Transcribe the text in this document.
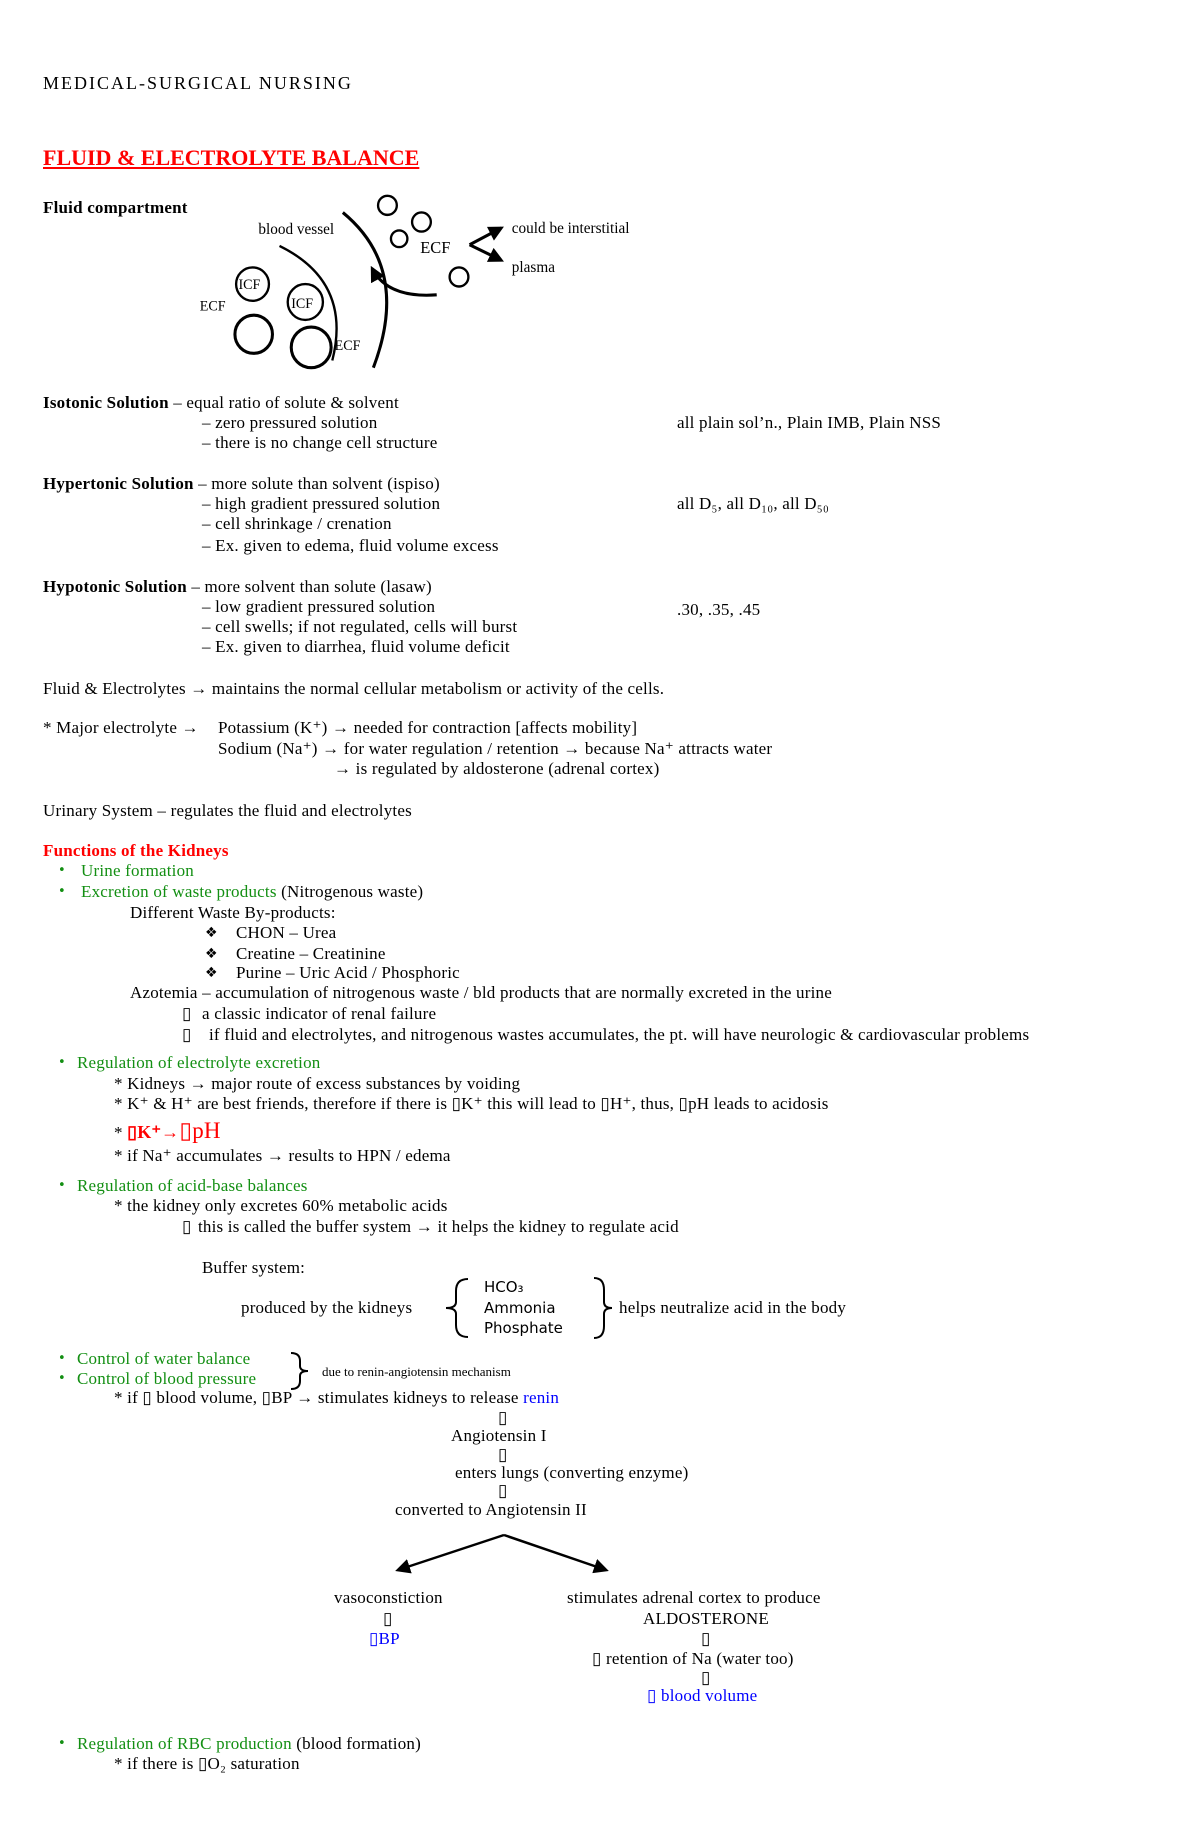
MEDICAL-SURGICAL NURSING
FLUID & ELECTROLYTE BALANCE
Fluid compartment
blood vessel
ECF
could be interstitial
plasma
ICF
ICF
ECF
ECF
Isotonic Solution – equal ratio of solute & solvent
– zero pressured solution
– there is no change cell structure
all plain sol’n., Plain IMB, Plain NSS
Hypertonic Solution – more solute than solvent (ispiso)
– high gradient pressured solution
– cell shrinkage / crenation
– Ex. given to edema, fluid volume excess
all D₅, all D₁₀, all D₅₀
Hypotonic Solution – more solvent than solute (lasaw)
– low gradient pressured solution
– cell swells; if not regulated, cells will burst
– Ex. given to diarrhea, fluid volume deficit
.30, .35, .45
Fluid & Electrolytes → maintains the normal cellular metabolism or activity of the cells.
* Major electrolyte → Potassium (K⁺) → needed for contraction [affects mobility]
Sodium (Na⁺) → for water regulation / retention → because Na⁺ attracts water
→ is regulated by aldosterone (adrenal cortex)
Urinary System – regulates the fluid and electrolytes
Functions of the Kidneys
• Urine formation
• Excretion of waste products (Nitrogenous waste)
Different Waste By-products:
❖ CHON – Urea
❖ Creatine – Creatinine
❖ Purine – Uric Acid / Phosphoric
Azotemia – accumulation of nitrogenous waste / bld products that are normally excreted in the urine
▯ a classic indicator of renal failure
▯ if fluid and electrolytes, and nitrogenous wastes accumulates, the pt. will have neurologic & cardiovascular problems
• Regulation of electrolyte excretion
* Kidneys → major route of excess substances by voiding
* K⁺ & H⁺ are best friends, therefore if there is ▯K⁺ this will lead to ▯H⁺, thus, ▯pH leads to acidosis
* ▯K⁺→▯pH
* if Na⁺ accumulates → results to HPN / edema
• Regulation of acid-base balances
* the kidney only excretes 60% metabolic acids
▯ this is called the buffer system → it helps the kidney to regulate acid
Buffer system:
produced by the kidneys
HCO₃
Ammonia
Phosphate
helps neutralize acid in the body
• Control of water balance
• Control of blood pressure	due to renin-angiotensin mechanism
* if ▯ blood volume, ▯BP → stimulates kidneys to release renin
▯
Angiotensin I
▯
enters lungs (converting enzyme)
▯
converted to Angiotensin II
vasoconstiction
▯
▯BP
stimulates adrenal cortex to produce
ALDOSTERONE
▯
▯ retention of Na (water too)
▯
▯ blood volume
• Regulation of RBC production (blood formation)
* if there is ▯O₂ saturation
